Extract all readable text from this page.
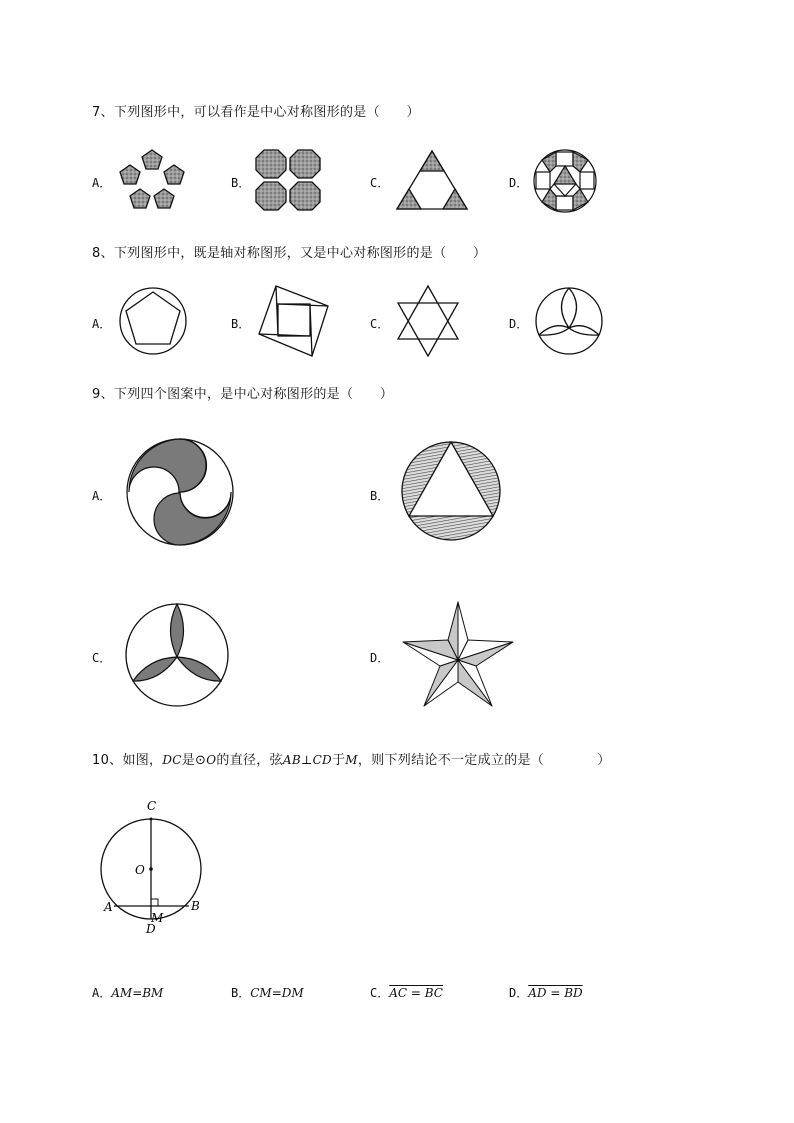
7、下列图形中，可以看作是中心对称图形的是（　　）
A．	B．	C．	D．
8、下列图形中，既是轴对称图形，又是中心对称图形的是（　　）
A．	B．	C．	D．
9、下列四个图案中，是中心对称图形的是（　　）
A．	B．
C．	D．
10、如图，DC是⊙O的直径，弦AB⊥CD于M，则下列结论不一定成立的是（　　　　）
C
O
A	B
M
D
A．AM=BM	B．CM=DM	C．AC = BC	D．AD = BD
